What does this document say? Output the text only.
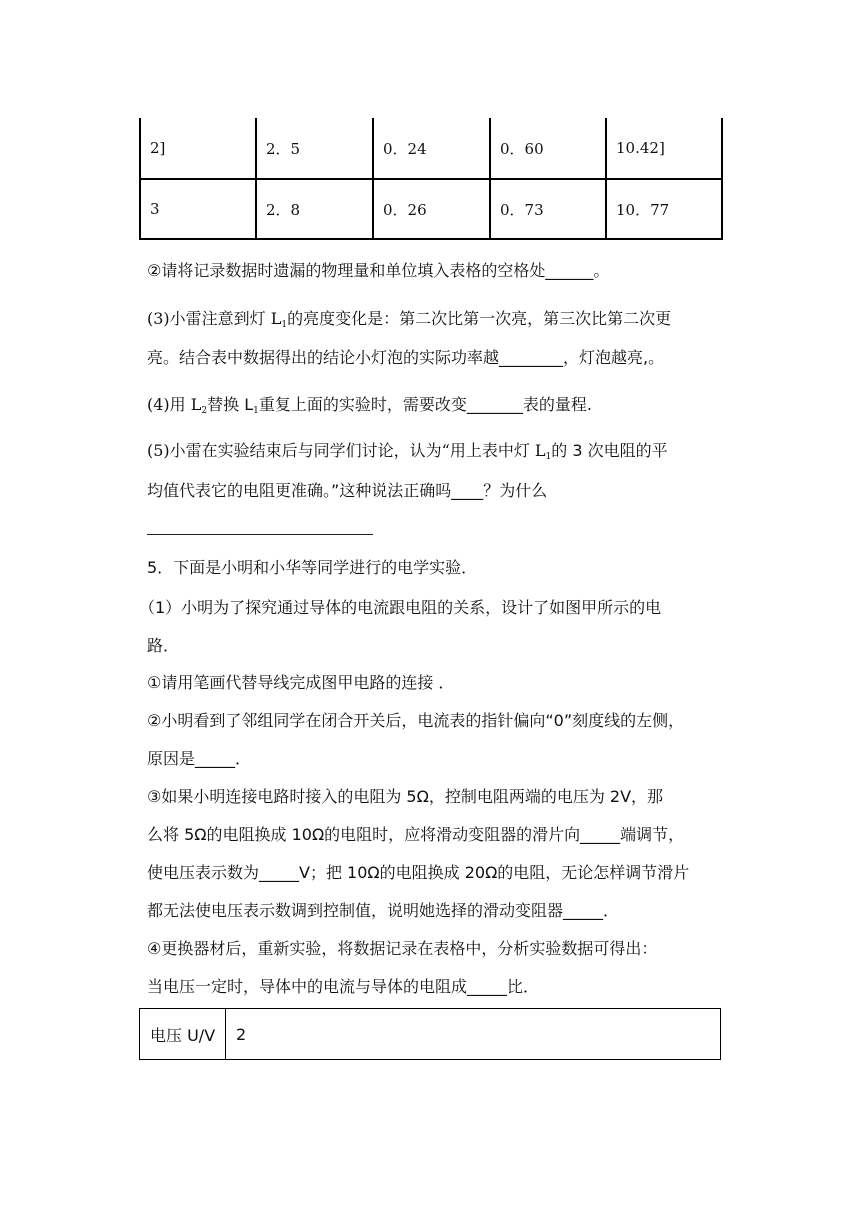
2]	2．5	0．24	0．60	10.42]
3	2．8	0．26	0．73	10．77
②请将记录数据时遗漏的物理量和单位填入表格的空格处______。
(3)小雷注意到灯 $L_1$的亮度变化是：第二次比第一次亮，第三次比第二次更
亮。结合表中数据得出的结论小灯泡的实际功率越________，灯泡越亮,。
(4)用 $L_2$替换 $L_1$重复上面的实验时，需要改变_______表的量程.
(5)小雷在实验结束后与同学们讨论，认为“用上表中灯 $L_1$的 3 次电阻的平
均值代表它的电阻更准确。”这种说法正确吗____？为什么
5．下面是小明和小华等同学进行的电学实验．
（1）小明为了探究通过导体的电流跟电阻的关系，设计了如图甲所示的电
路．
①请用笔画代替导线完成图甲电路的连接 ．
②小明看到了邻组同学在闭合开关后，电流表的指针偏向“0”刻度线的左侧，
原因是_____．
③如果小明连接电路时接入的电阻为 5Ω，控制电阻两端的电压为 2V，那
么将 5Ω的电阻换成 10Ω的电阻时，应将滑动变阻器的滑片向_____端调节，
使电压表示数为_____V；把 10Ω的电阻换成 20Ω的电阻，无论怎样调节滑片
都无法使电压表示数调到控制值，说明她选择的滑动变阻器_____．
④更换器材后，重新实验，将数据记录在表格中，分析实验数据可得出：
当电压一定时，导体中的电流与导体的电阻成_____比．
电压 U/V	2
